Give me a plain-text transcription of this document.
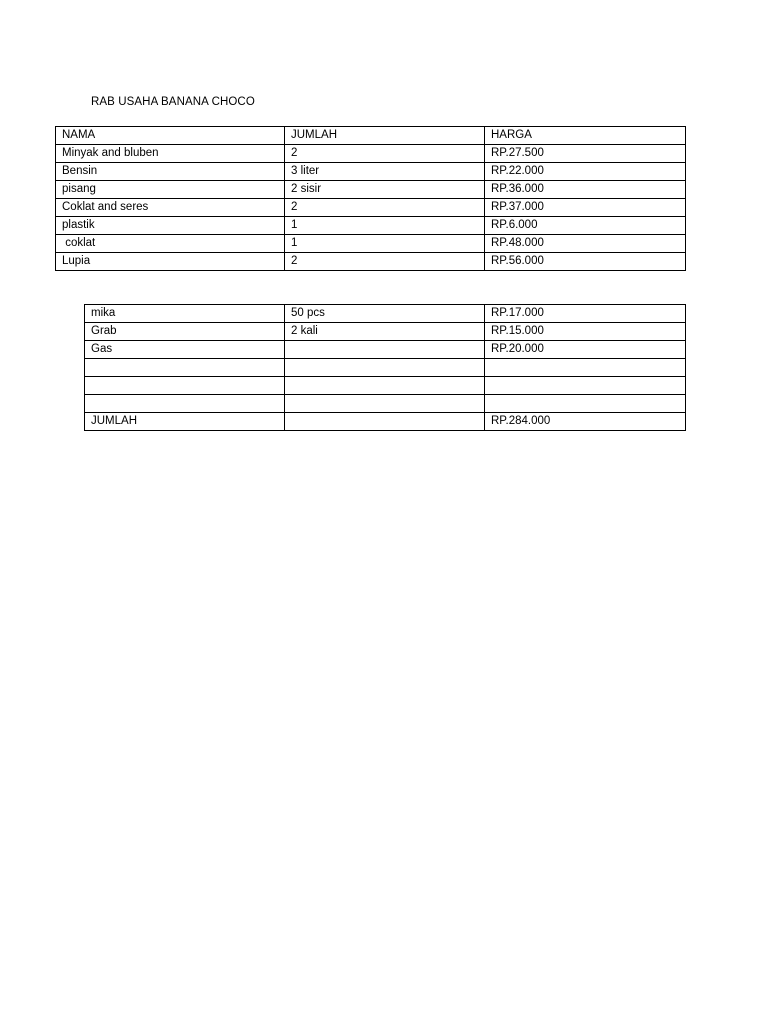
RAB USAHA BANANA CHOCO
NAMA	JUMLAH	HARGA
Minyak and bluben	2	RP.27.500
Bensin	3 liter	RP.22.000
pisang	2 sisir	RP.36.000
Coklat and seres	2	RP.37.000
plastik	1	RP.6.000
coklat	1	RP.48.000
Lupia	2	RP.56.000
mika	50 pcs	RP.17.000
Grab	2 kali	RP.15.000
Gas		RP.20.000

JUMLAH		RP.284.000
